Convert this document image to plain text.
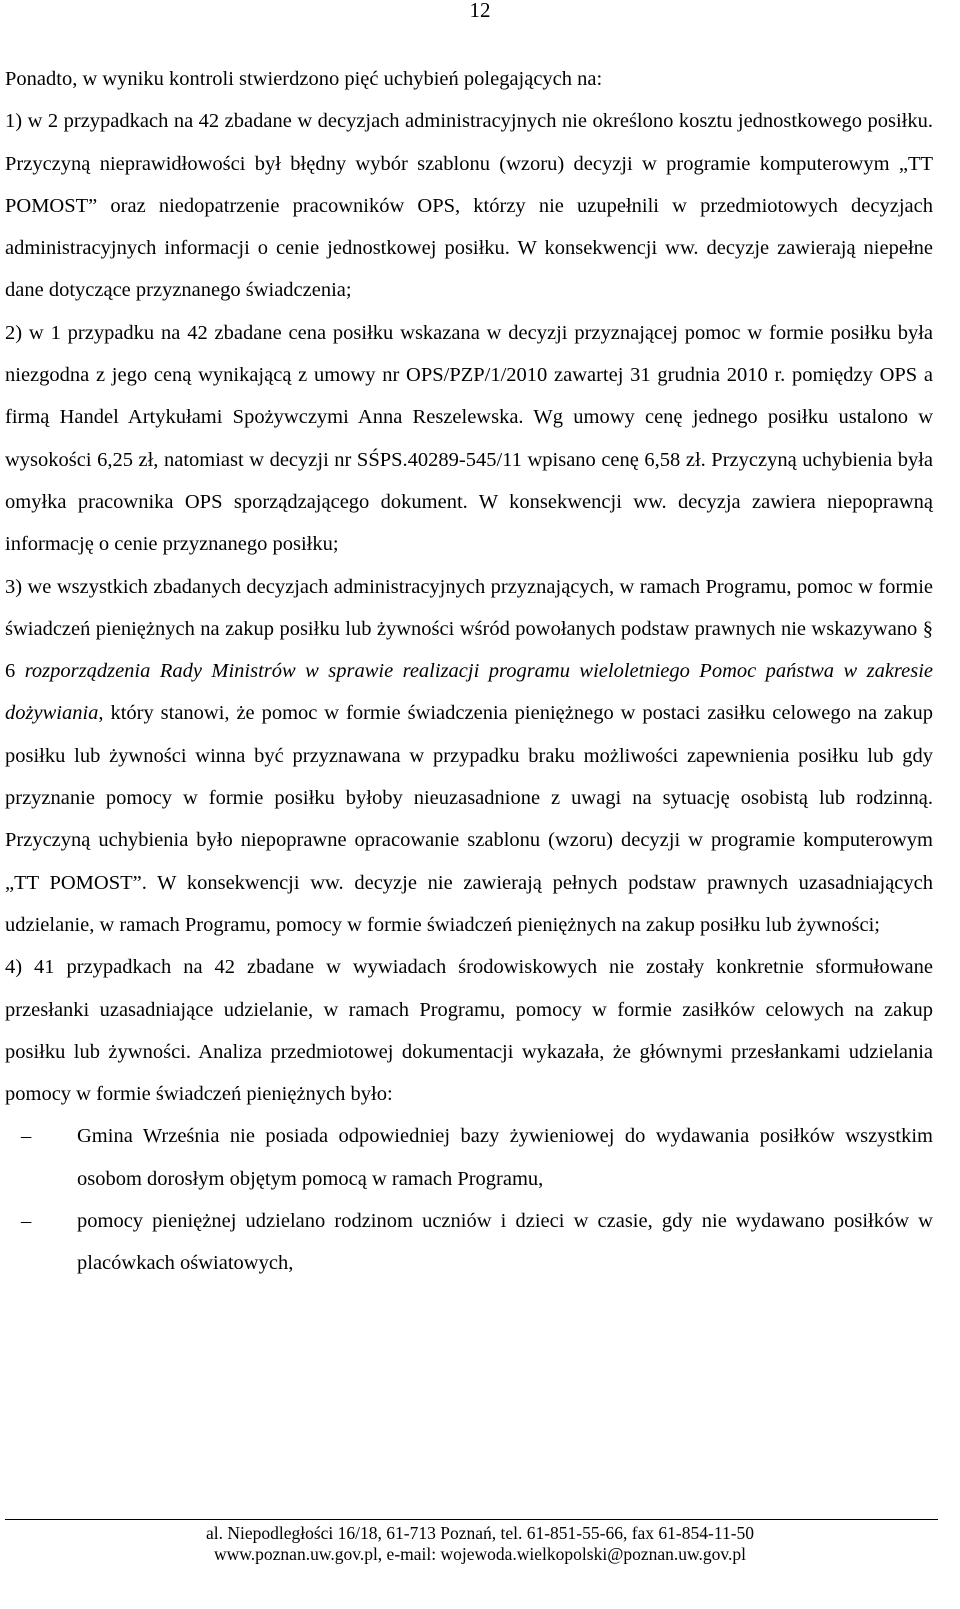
12

Ponadto, w wyniku kontroli stwierdzono pięć uchybień polegających na:

1) w 2 przypadkach na 42 zbadane w decyzjach administracyjnych nie określono kosztu jednostkowego posiłku. Przyczyną nieprawidłowości był błędny wybór szablonu (wzoru) decyzji w programie komputerowym „TT POMOST” oraz niedopatrzenie pracowników OPS, którzy nie uzupełnili w przedmiotowych decyzjach administracyjnych informacji o cenie jednostkowej posiłku. W konsekwencji ww. decyzje zawierają niepełne dane dotyczące przyznanego świadczenia;

2) w 1 przypadku na 42 zbadane cena posiłku wskazana w decyzji przyznającej pomoc w formie posiłku była niezgodna z jego ceną wynikającą z umowy nr OPS/PZP/1/2010 zawartej 31 grudnia 2010 r. pomiędzy OPS a firmą Handel Artykułami Spożywczymi Anna Reszelewska. Wg umowy cenę jednego posiłku ustalono w wysokości 6,25 zł, natomiast w decyzji nr SŚPS.40289-545/11 wpisano cenę 6,58 zł. Przyczyną uchybienia była omyłka pracownika OPS sporządzającego dokument. W konsekwencji ww. decyzja zawiera niepoprawną informację o cenie przyznanego posiłku;

3) we wszystkich zbadanych decyzjach administracyjnych przyznających, w ramach Programu, pomoc w formie świadczeń pieniężnych na zakup posiłku lub żywności wśród powołanych podstaw prawnych nie wskazywano § 6 rozporządzenia Rady Ministrów w sprawie realizacji programu wieloletniego Pomoc państwa w zakresie dożywiania, który stanowi, że pomoc w formie świadczenia pieniężnego w postaci zasiłku celowego na zakup posiłku lub żywności winna być przyznawana w przypadku braku możliwości zapewnienia posiłku lub gdy przyznanie pomocy w formie posiłku byłoby nieuzasadnione z uwagi na sytuację osobistą lub rodzinną. Przyczyną uchybienia było niepoprawne opracowanie szablonu (wzoru) decyzji w programie komputerowym „TT POMOST”. W konsekwencji ww. decyzje nie zawierają pełnych podstaw prawnych uzasadniających udzielanie, w ramach Programu, pomocy w formie świadczeń pieniężnych na zakup posiłku lub żywności;

4) 41 przypadkach na 42 zbadane w wywiadach środowiskowych nie zostały konkretnie sformułowane przesłanki uzasadniające udzielanie, w ramach Programu, pomocy w formie zasiłków celowych na zakup posiłku lub żywności. Analiza przedmiotowej dokumentacji wykazała, że głównymi przesłankami udzielania pomocy w formie świadczeń pieniężnych było:

– Gmina Września nie posiada odpowiedniej bazy żywieniowej do wydawania posiłków wszystkim osobom dorosłym objętym pomocą w ramach Programu,
– pomocy pieniężnej udzielano rodzinom uczniów i dzieci w czasie, gdy nie wydawano posiłków w placówkach oświatowych,
al. Niepodległości 16/18, 61-713 Poznań, tel. 61-851-55-66, fax 61-854-11-50
www.poznan.uw.gov.pl, e-mail: wojewoda.wielkopolski@poznan.uw.gov.pl
